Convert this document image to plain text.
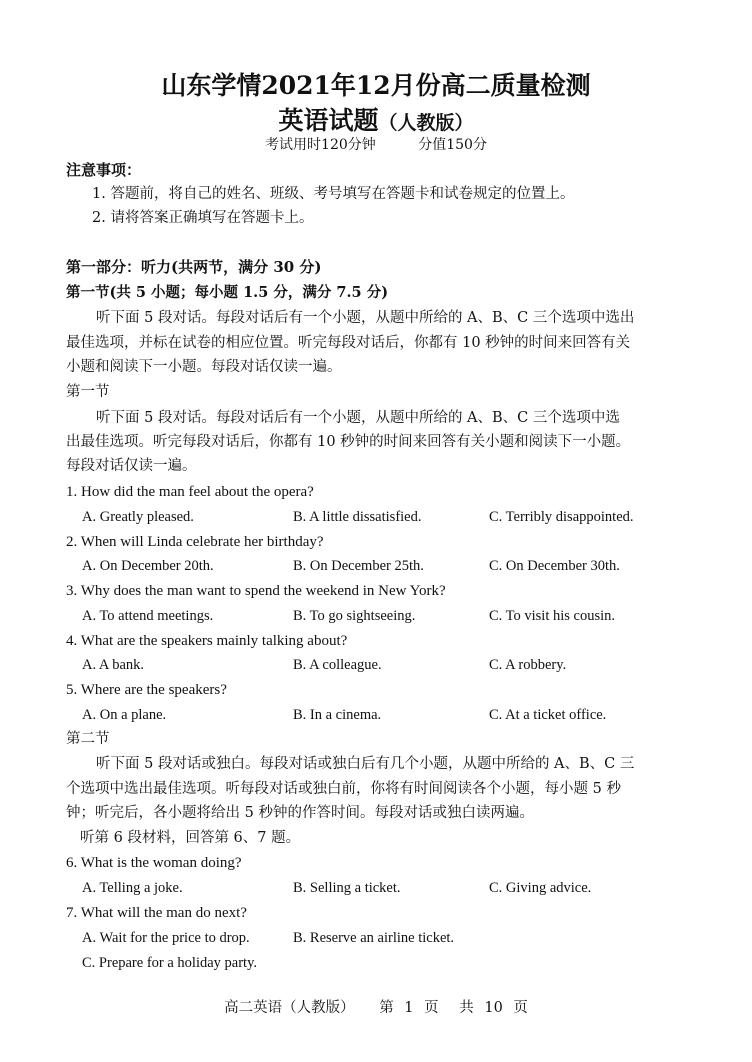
山东学情2021年12月份高二质量检测
英语试题（人教版）
考试用时120分钟	分值150分
注意事项：
1. 答题前，将自己的姓名、班级、考号填写在答题卡和试卷规定的位置上。
2. 请将答案正确填写在答题卡上。
第一部分：听力(共两节，满分 30 分)
第一节(共 5 小题；每小题 1.5 分，满分 7.5 分)
听下面 5 段对话。每段对话后有一个小题，从题中所给的 A、B、C 三个选项中选出
最佳选项，并标在试卷的相应位置。听完每段对话后，你都有 10 秒钟的时间来回答有关
小题和阅读下一小题。每段对话仅读一遍。
第一节
听下面 5 段对话。每段对话后有一个小题，从题中所给的 A、B、C 三个选项中选
出最佳选项。听完每段对话后，你都有 10 秒钟的时间来回答有关小题和阅读下一小题。
每段对话仅读一遍。
1. How did the man feel about the opera?
A. Greatly pleased.	B. A little dissatisfied.	C. Terribly disappointed.
2. When will Linda celebrate her birthday?
A. On December 20th.	B. On December 25th.	C. On December 30th.
3. Why does the man want to spend the weekend in New York?
A. To attend meetings.	B. To go sightseeing.	C. To visit his cousin.
4. What are the speakers mainly talking about?
A. A bank.	B. A colleague.	C. A robbery.
5. Where are the speakers?
A. On a plane.	B. In a cinema.	C. At a ticket office.
第二节
听下面 5 段对话或独白。每段对话或独白后有几个小题，从题中所给的 A、B、C 三
个选项中选出最佳选项。听每段对话或独白前，你将有时间阅读各个小题，每小题 5 秒
钟；听完后，各小题将给出 5 秒钟的作答时间。每段对话或独白读两遍。
听第 6 段材料，回答第 6、7 题。
6. What is the woman doing?
A. Telling a joke.	B. Selling a ticket.	C. Giving advice.
7. What will the man do next?
A. Wait for the price to drop.	B. Reserve an airline ticket.
C. Prepare for a holiday party.
高二英语（人教版） 第 1 页 共 10 页
